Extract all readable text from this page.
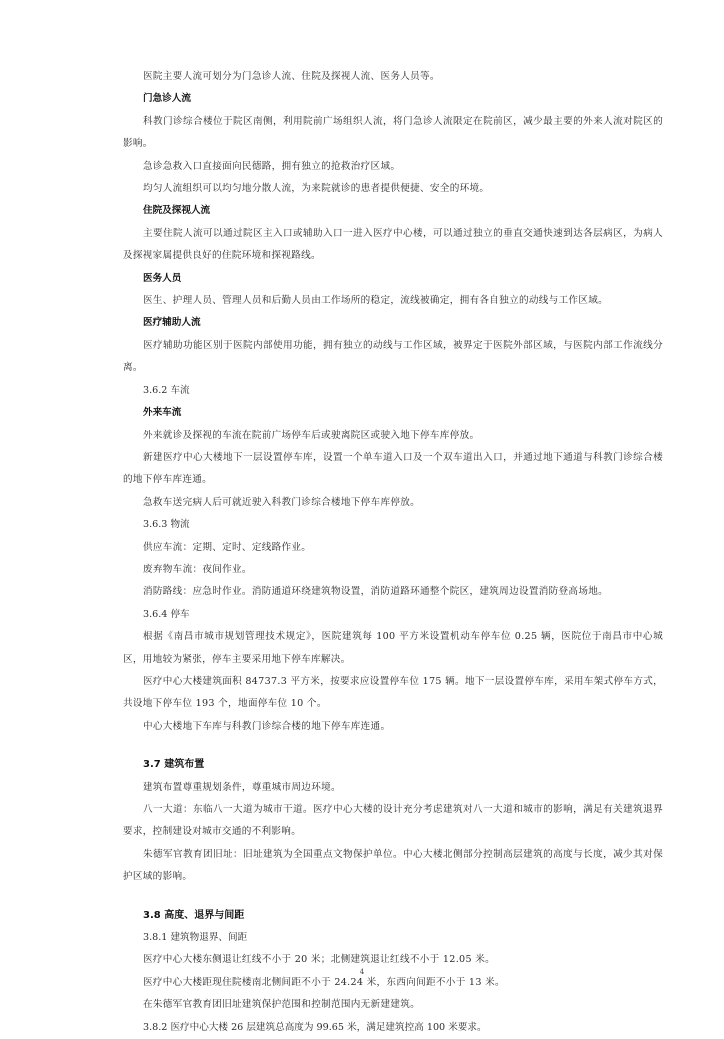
医院主要人流可划分为门急诊人流、住院及探视人流、医务人员等。

门急诊人流

科教门诊综合楼位于院区南侧，利用院前广场组织人流，将门急诊人流限定在院前区，减少最主要的外来人流对院区的影响。

急诊急救入口直接面向民德路，拥有独立的抢救治疗区域。

均匀人流组织可以均匀地分散人流，为来院就诊的患者提供便捷、安全的环境。

住院及探视人流

主要住院人流可以通过院区主入口或辅助入口一进入医疗中心楼，可以通过独立的垂直交通快速到达各层病区，为病人及探视家属提供良好的住院环境和探视路线。

医务人员

医生、护理人员、管理人员和后勤人员由工作场所的稳定，流线被确定，拥有各自独立的动线与工作区域。

医疗辅助人流

医疗辅助功能区别于医院内部使用功能，拥有独立的动线与工作区域，被界定于医院外部区域，与医院内部工作流线分离。

3.6.2 车流

外来车流

外来就诊及探视的车流在院前广场停车后或驶离院区或驶入地下停车库停放。

新建医疗中心大楼地下一层设置停车库，设置一个单车道入口及一个双车道出入口，并通过地下通道与科教门诊综合楼的地下停车库连通。

急救车送完病人后可就近驶入科教门诊综合楼地下停车库停放。

3.6.3 物流

供应车流：定期、定时、定线路作业。

废弃物车流：夜间作业。

消防路线：应急时作业。消防通道环绕建筑物设置，消防道路环通整个院区，建筑周边设置消防登高场地。

3.6.4 停车

根据《南昌市城市规划管理技术规定》，医院建筑每 100 平方米设置机动车停车位 0.25 辆，医院位于南昌市中心城区，用地较为紧张，停车主要采用地下停车库解决。

医疗中心大楼建筑面积 84737.3 平方米，按要求应设置停车位 175 辆。地下一层设置停车库，采用车架式停车方式，共设地下停车位 193 个，地面停车位 10 个。

中心大楼地下车库与科教门诊综合楼的地下停车库连通。

3.7 建筑布置

建筑布置尊重规划条件，尊重城市周边环境。

八一大道：东临八一大道为城市干道。医疗中心大楼的设计充分考虑建筑对八一大道和城市的影响，满足有关建筑退界要求，控制建设对城市交通的不利影响。

朱德军官教育团旧址：旧址建筑为全国重点文物保护单位。中心大楼北侧部分控制高层建筑的高度与长度，减少其对保护区域的影响。

3.8 高度、退界与间距

3.8.1 建筑物退界、间距

医疗中心大楼东侧退让红线不小于 20 米；北侧建筑退让红线不小于 12.05 米。

医疗中心大楼距现住院楼南北侧间距不小于 24.24 米，东西向间距不小于 13 米。

在朱德军官教育团旧址建筑保护范围和控制范围内无新建建筑。

3.8.2 医疗中心大楼 26 层建筑总高度为 99.65 米，满足建筑控高 100 米要求。

4
